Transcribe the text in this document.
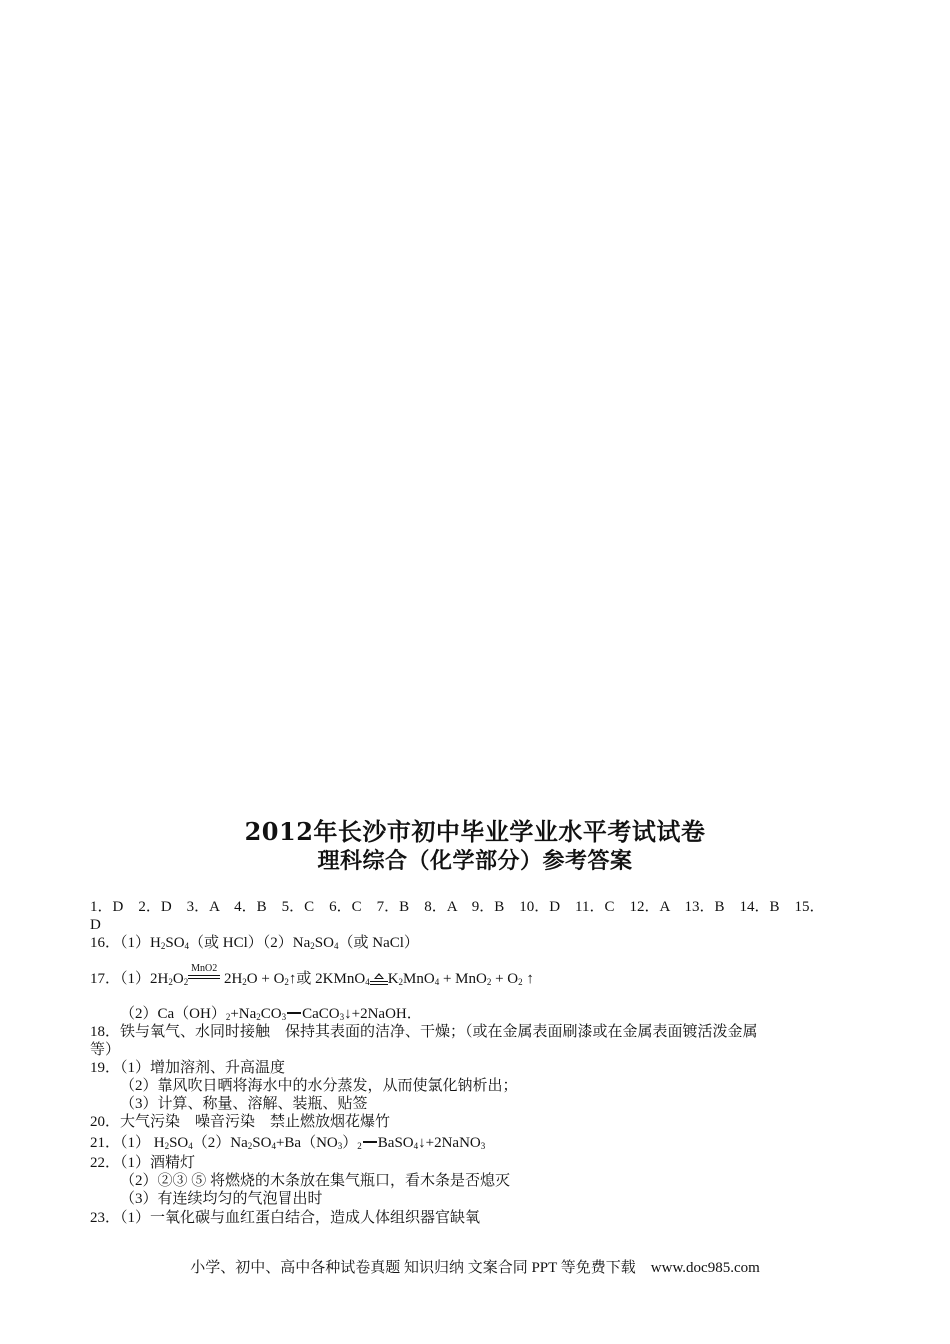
2012年长沙市初中毕业学业水平考试试卷
理科综合（化学部分）参考答案
1．D　2．D　3．A　4．B　5．C　6．C　7．B　8．A　9．B　10．D　11．C　12．A　13．B　14．B　15．
D
16．$(1)H_2SO_4$（或 $HCl)(2)Na_2SO_4$（或 NaCl）
17．$(1)2H_2O_2$
MnO2
$2H_2O$ + $O_2↑$或 2KMnO$_4$ $K_2MnO_4 + MnO_2 + O_2$ ↑
$(2)Ca(OH)_2+Na_2CO_3$ CaCO$_3$↓+2NaOH．
18．铁与氧气、水同时接触　保持其表面的洁净、干燥；（或在金属表面刷漆或在金属表面镀活泼金属
等）
19．（1）增加溶剂、升高温度
（2）靠风吹日晒将海水中的水分蒸发，从而使氯化钠析出；
（3）计算、称量、溶解、装瓶、贴签
20．大气污染　噪音污染　禁止燃放烟花爆竹
21．（1） $H_2SO_4(2)Na_2SO_4+Ba(NO_3)_2$ BaSO$_4$↓+2NaNO$_3$
22．（1）酒精灯
（2）②③ ⑤ 将燃烧的木条放在集气瓶口，看木条是否熄灭
（3）有连续均匀的气泡冒出时
23．（1）一氧化碳与血红蛋白结合，造成人体组织器官缺氧
小学、初中、高中各种试卷真题 知识归纳 文案合同 PPT 等免费下载　www.doc985.com
